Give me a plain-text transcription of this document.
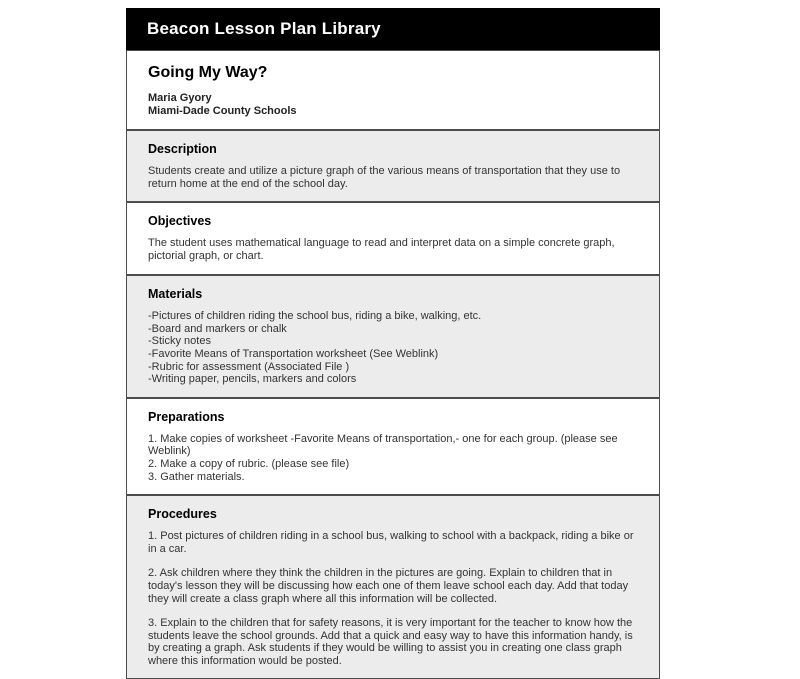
Beacon Lesson Plan Library
Going My Way?
Maria Gyory
Miami-Dade County Schools
Description
Students create and utilize a picture graph of the various means of transportation that they use to return home at the end of the school day.
Objectives
The student uses mathematical language to read and interpret data on a simple concrete graph, pictorial graph, or chart.
Materials
-Pictures of children riding the school bus, riding a bike, walking, etc.
-Board and markers or chalk
-Sticky notes
-Favorite Means of Transportation worksheet (See Weblink)
-Rubric for assessment (Associated File )
-Writing paper, pencils, markers and colors
Preparations
1. Make copies of worksheet -Favorite Means of transportation,- one for each group. (please see Weblink)
2. Make a copy of rubric. (please see file)
3. Gather materials.
Procedures
1. Post pictures of children riding in a school bus, walking to school with a backpack, riding a bike or in a car.
2. Ask children where they think the children in the pictures are going. Explain to children that in today's lesson they will be discussing how each one of them leave school each day. Add that today they will create a class graph where all this information will be collected.
3. Explain to the children that for safety reasons, it is very important for the teacher to know how the students leave the school grounds. Add that a quick and easy way to have this information handy, is by creating a graph. Ask students if they would be willing to assist you in creating one class graph where this information would be posted.
